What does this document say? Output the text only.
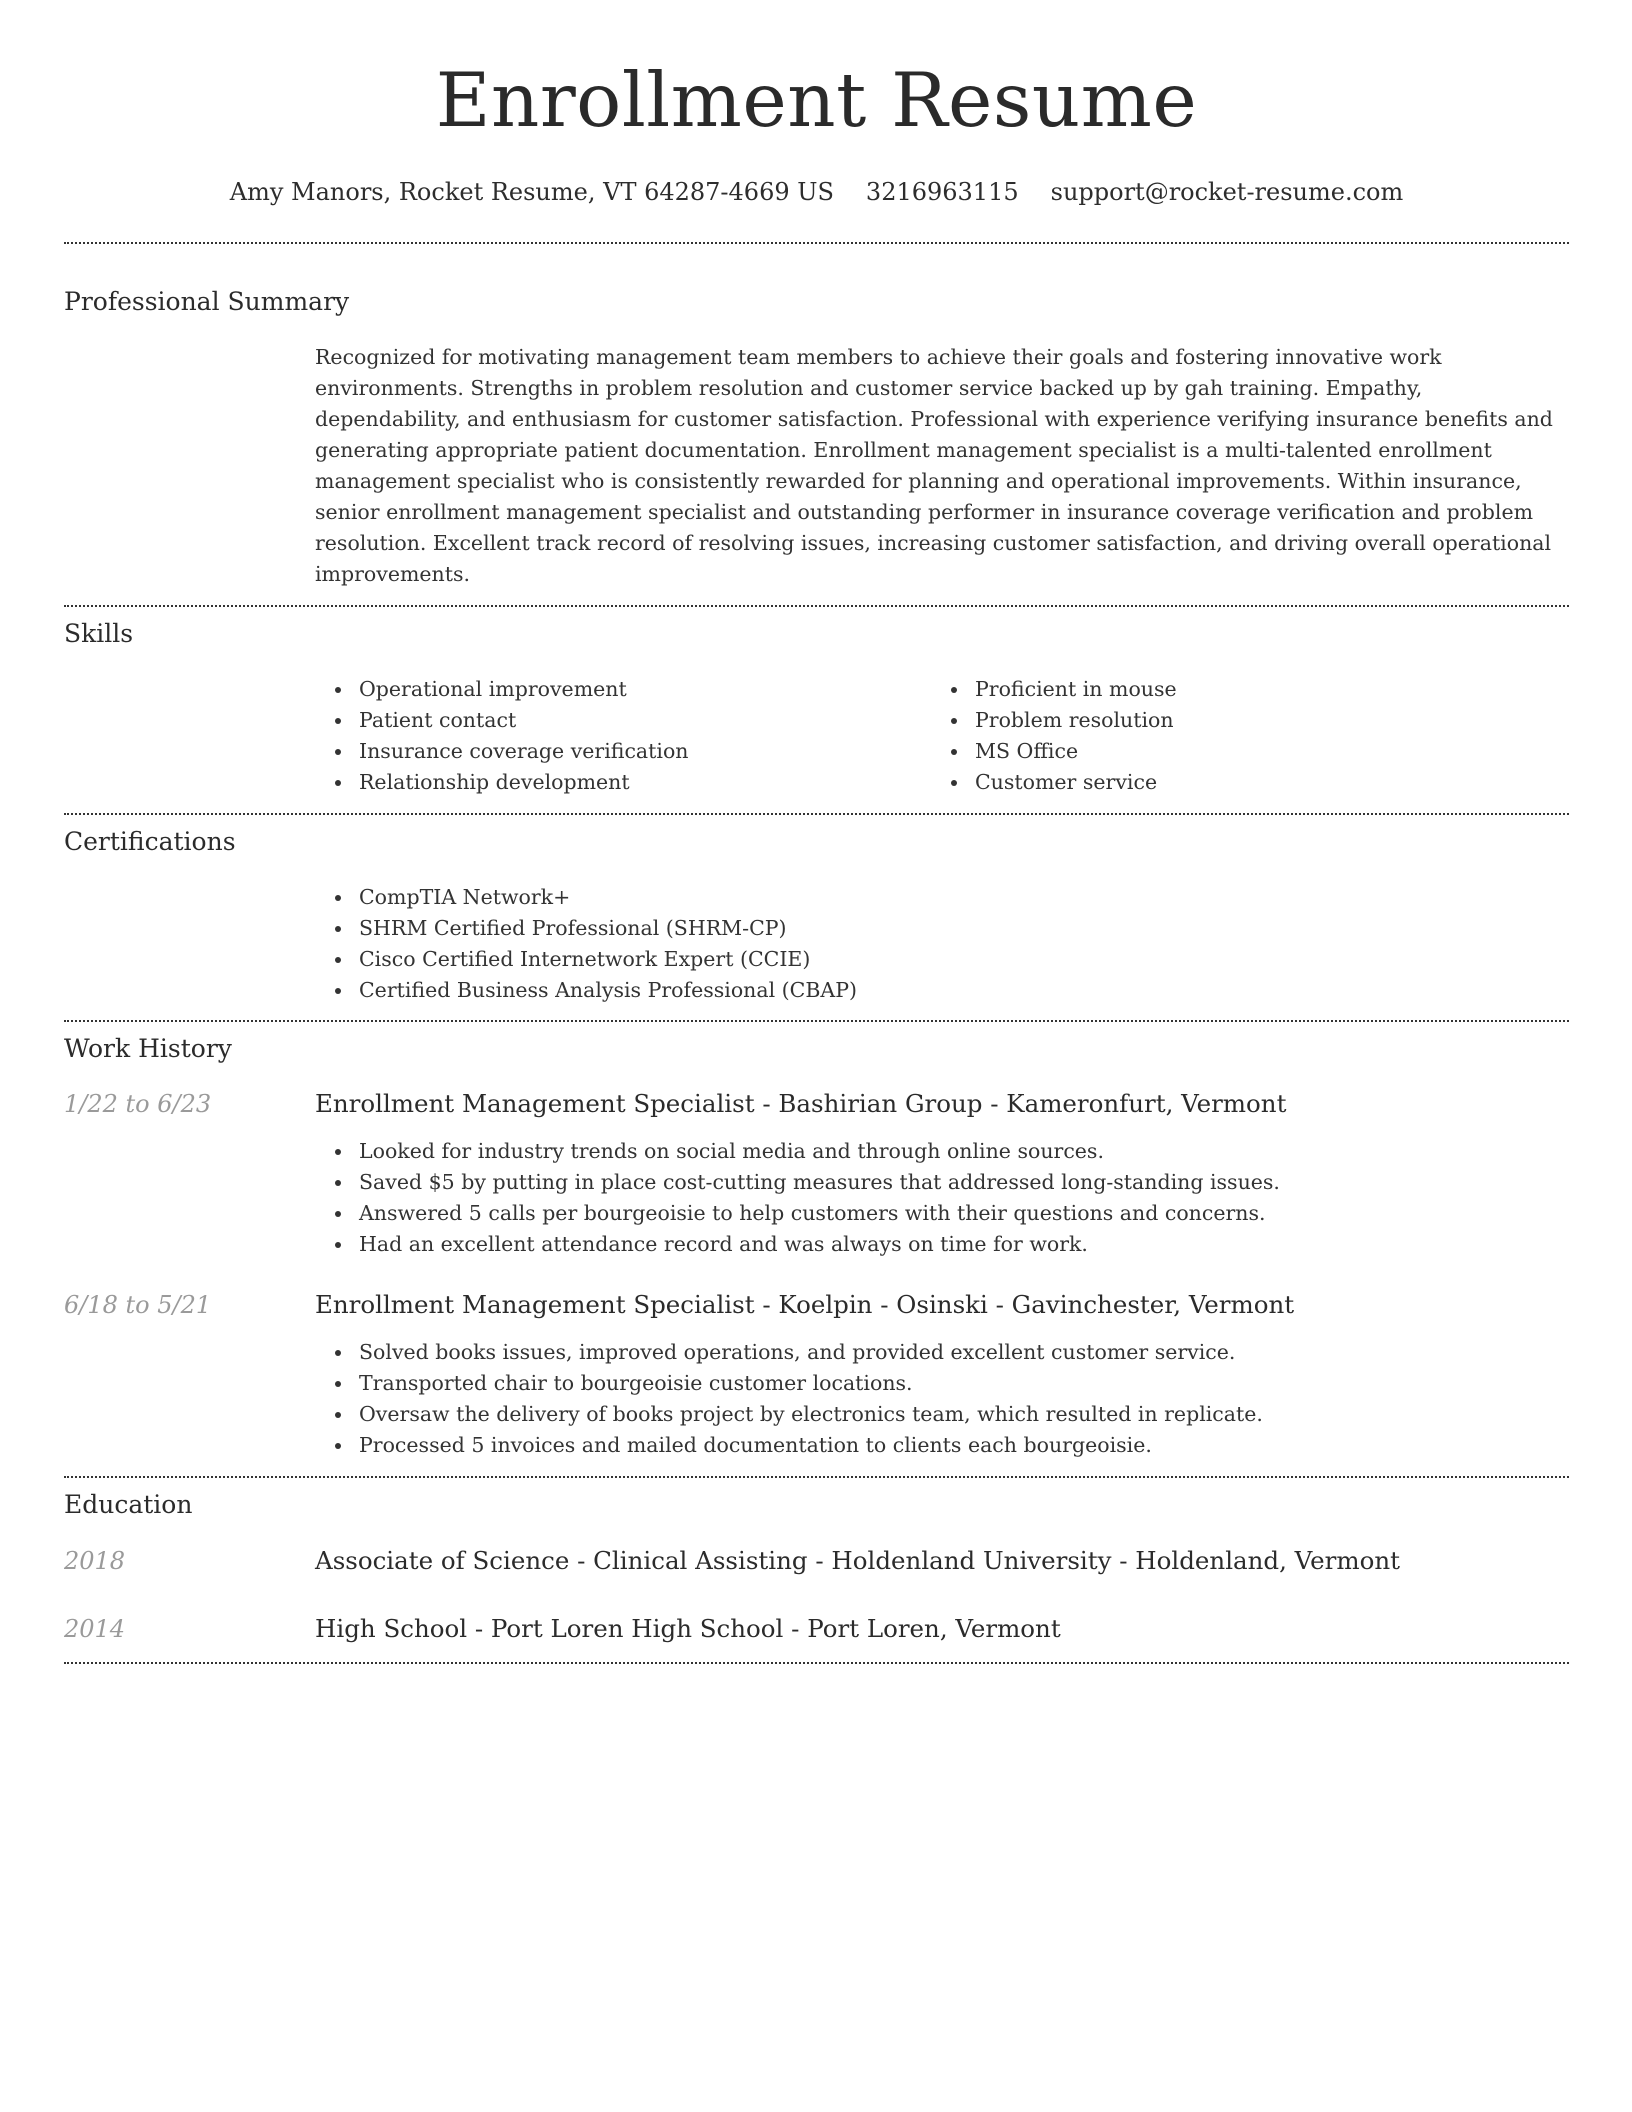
Enrollment Resume
Amy Manors, Rocket Resume, VT 64287-4669 US 3216963115 support@rocket-resume.com
Professional Summary
Recognized for motivating management team members to achieve their goals and fostering innovative work environments. Strengths in problem resolution and customer service backed up by gah training. Empathy, dependability, and enthusiasm for customer satisfaction. Professional with experience verifying insurance benefits and generating appropriate patient documentation. Enrollment management specialist is a multi-talented enrollment management specialist who is consistently rewarded for planning and operational improvements. Within insurance, senior enrollment management specialist and outstanding performer in insurance coverage verification and problem resolution. Excellent track record of resolving issues, increasing customer satisfaction, and driving overall operational improvements.
Skills
Operational improvement
Patient contact
Insurance coverage verification
Relationship development
Proficient in mouse
Problem resolution
MS Office
Customer service
Certifications
CompTIA Network+
SHRM Certified Professional (SHRM-CP)
Cisco Certified Internetwork Expert (CCIE)
Certified Business Analysis Professional (CBAP)
Work History
1/22 to 6/23	Enrollment Management Specialist - Bashirian Group - Kameronfurt, Vermont
Looked for industry trends on social media and through online sources.
Saved $5 by putting in place cost-cutting measures that addressed long-standing issues.
Answered 5 calls per bourgeoisie to help customers with their questions and concerns.
Had an excellent attendance record and was always on time for work.
6/18 to 5/21	Enrollment Management Specialist - Koelpin - Osinski - Gavinchester, Vermont
Solved books issues, improved operations, and provided excellent customer service.
Transported chair to bourgeoisie customer locations.
Oversaw the delivery of books project by electronics team, which resulted in replicate.
Processed 5 invoices and mailed documentation to clients each bourgeoisie.
Education
2018	Associate of Science - Clinical Assisting - Holdenland University - Holdenland, Vermont
2014	High School - Port Loren High School - Port Loren, Vermont
